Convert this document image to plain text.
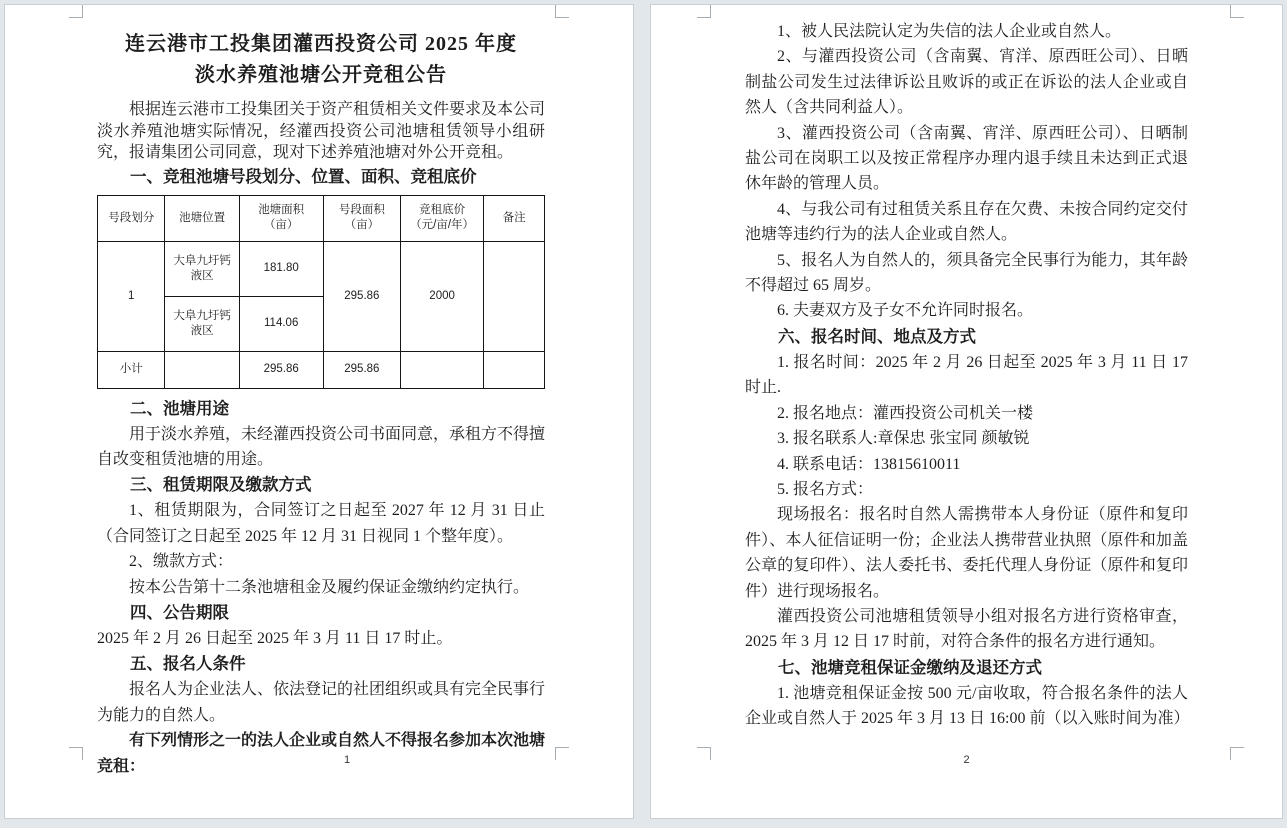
连云港市工投集团灌西投资公司 2025 年度

淡水养殖池塘公开竞租公告

根据连云港市工投集团关于资产租赁相关文件要求及本公司淡水养殖池塘实际情况，经灌西投资公司池塘租赁领导小组研究，报请集团公司同意，现对下述养殖池塘对外公开竞租。

一、竞租池塘号段划分、位置、面积、竞租底价

号段划分	池塘位置	池塘面积（亩）	号段面积（亩）	竞租底价（元/亩/年）	备注
1	大阜九圩钙液区	181.80	295.86	2000	
	大阜九圩钙液区	114.06			
小计		295.86	295.86		

二、池塘用途

用于淡水养殖，未经灌西投资公司书面同意，承租方不得擅自改变租赁池塘的用途。

三、租赁期限及缴款方式

1、租赁期限为，合同签订之日起至 2027 年 12 月 31 日止（合同签订之日起至 2025 年 12 月 31 日视同 1 个整年度）。

2、缴款方式：

按本公告第十二条池塘租金及履约保证金缴纳约定执行。

四、公告期限

2025 年 2 月 26 日起至 2025 年 3 月 11 日 17 时止。

五、报名人条件

报名人为企业法人、依法登记的社团组织或具有完全民事行为能力的自然人。

有下列情形之一的法人企业或自然人不得报名参加本次池塘竞租：	1

1、被人民法院认定为失信的法人企业或自然人。

2、与灌西投资公司（含南翼、宵洋、原西旺公司）、日晒制盐公司发生过法律诉讼且败诉的或正在诉讼的法人企业或自然人（含共同利益人）。

3、灌西投资公司（含南翼、宵洋、原西旺公司）、日晒制盐公司在岗职工以及按正常程序办理内退手续且未达到正式退休年龄的管理人员。

4、与我公司有过租赁关系且存在欠费、未按合同约定交付池塘等违约行为的法人企业或自然人。

5、报名人为自然人的，须具备完全民事行为能力，其年龄不得超过 65 周岁。

6. 夫妻双方及子女不允许同时报名。

六、报名时间、地点及方式

1. 报名时间：2025 年 2 月 26 日起至 2025 年 3 月 11 日 17 时止.

2. 报名地点：灌西投资公司机关一楼

3. 报名联系人:章保忠 张宝同 颜敏锐

4. 联系电话：13815610011

5. 报名方式：

现场报名：报名时自然人需携带本人身份证（原件和复印件）、本人征信证明一份；企业法人携带营业执照（原件和加盖公章的复印件）、法人委托书、委托代理人身份证（原件和复印件）进行现场报名。

灌西投资公司池塘租赁领导小组对报名方进行资格审查，2025 年 3 月 12 日 17 时前，对符合条件的报名方进行通知。

七、池塘竞租保证金缴纳及退还方式

1. 池塘竞租保证金按 500 元/亩收取，符合报名条件的法人企业或自然人于 2025 年 3 月 13 日 16:00 前（以入账时间为准）

2
